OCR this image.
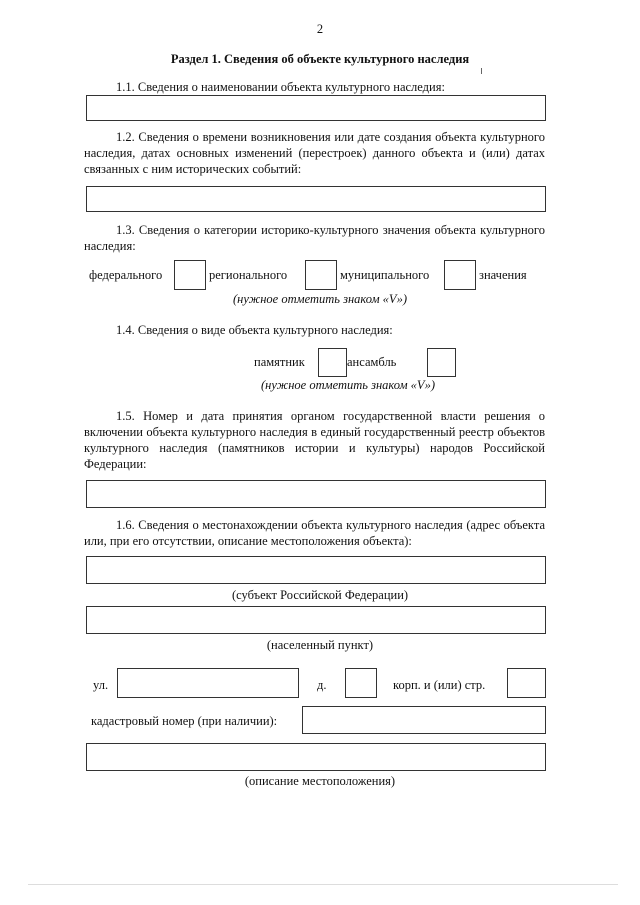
2
Раздел 1. Сведения об объекте культурного наследия
1.1. Сведения о наименовании объекта культурного наследия:
1.2. Сведения о времени возникновения или дате создания объекта культурного наследия, датах основных изменений (перестроек) данного объекта и (или) датах связанных с ним исторических событий:
1.3. Сведения о категории историко-культурного значения объекта культурного наследия:
федерального	регионального	муниципального	значения
(нужное отметить знаком «V»)
1.4. Сведения о виде объекта культурного наследия:
памятник	ансамбль
(нужное отметить знаком «V»)
1.5. Номер и дата принятия органом государственной власти решения о включении объекта культурного наследия в единый государственный реестр объектов культурного наследия (памятников истории и культуры) народов Российской Федерации:
1.6. Сведения о местонахождении объекта культурного наследия (адрес объекта или, при его отсутствии, описание местоположения объекта):
(субъект Российской Федерации)
(населенный пункт)
ул.	д.	корп. и (или) стр.
кадастровый номер (при наличии):
(описание местоположения)
